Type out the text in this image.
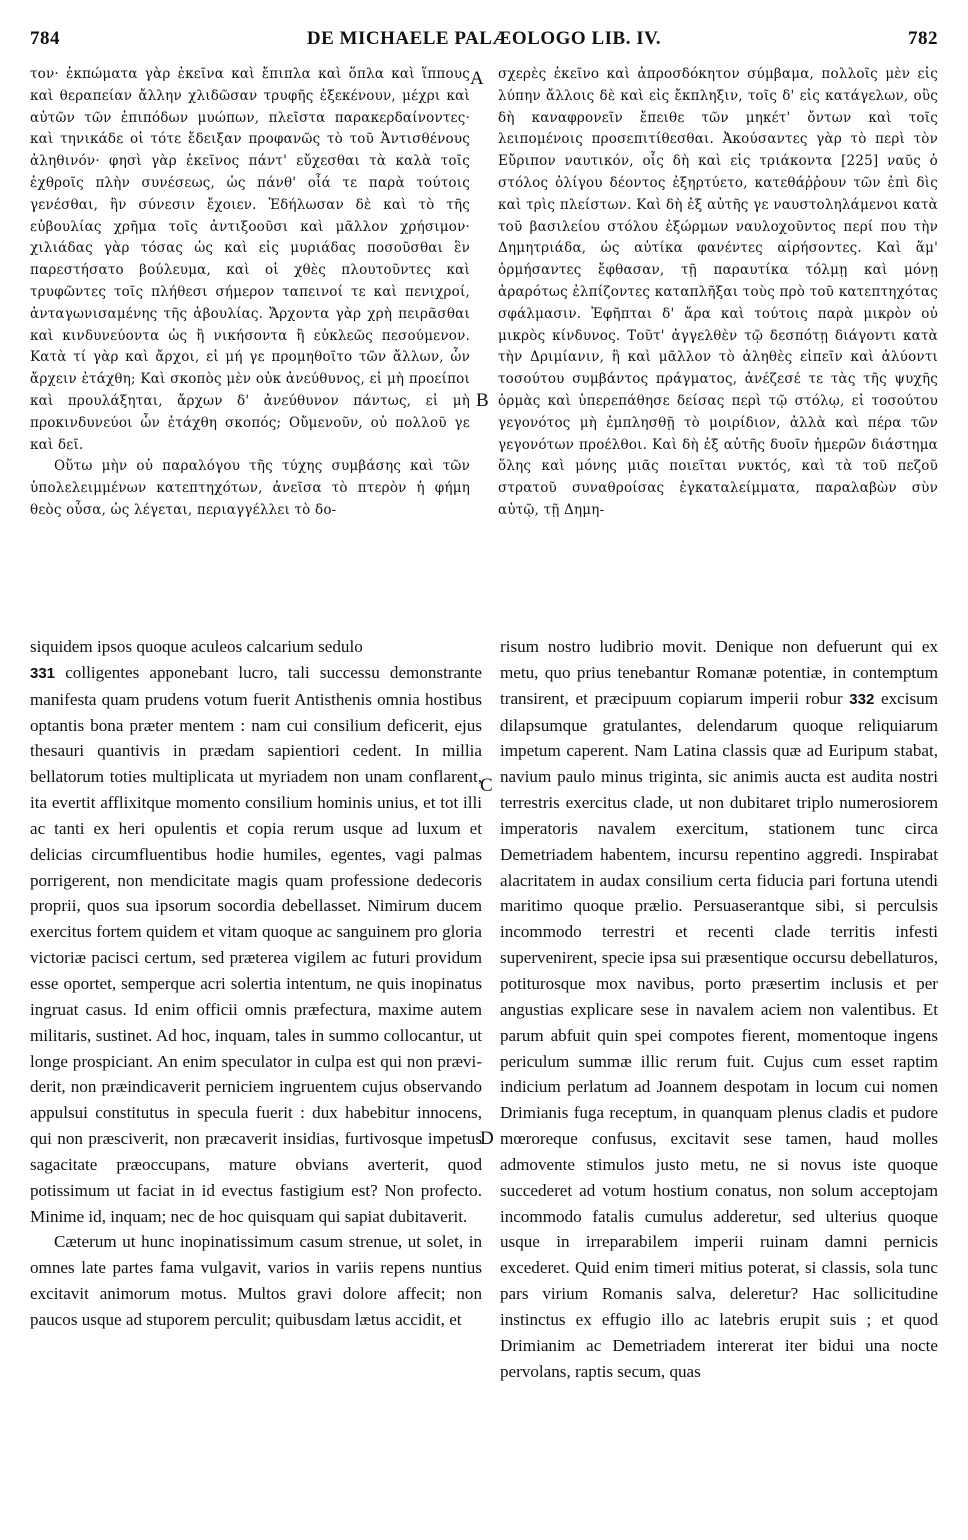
784	DE MICHAELE PALÆOLOGO LIB. IV.	782

τον· ἐκπώματα γὰρ ἐκεῖνα καὶ ἔπιπλα καὶ ὅπλα καὶ ἵππους καὶ θεραπείαν ἄλλην χλιδῶσαν τρυφῆς ἐξεκένουν, μέχρι καὶ αὐτῶν τῶν ἐπιπόδων μυώπων, πλεῖστα παρακερδαίνοντες· καὶ τηνικάδε οἱ τότε ἔδειξαν προφανῶς τὸ τοῦ Ἀντισθένους ἀληθινόν· φησὶ γὰρ ἐκεῖνος πάντ' εὔχεσθαι τὰ καλὰ τοῖς ἐχθροῖς πλὴν συνέσεως, ὡς πάνθ' οἷά τε παρὰ τούτοις γενέσθαι, ἣν σύνεσιν ἔχοιεν. Ἐδήλωσαν δὲ καὶ τὸ τῆς εὐβουλίας χρῆμα τοῖς ἀντιξοοῦσι καὶ μᾶλλον χρήσιμον· χιλιάδας γὰρ τόσας ὡς καὶ εἰς μυριάδας ποσοῦσθαι ἓν παρεστήσατο βούλευμα, καὶ οἱ χθὲς πλουτοῦντες καὶ τρυφῶντες τοῖς πλήθεσι σήμερον ταπεινοί τε καὶ πενιχροί, ἀνταγωνισαμένης τῆς ἀβουλίας. Ἄρχοντα γὰρ χρὴ πειρᾶσθαι καὶ κινδυνεύοντα ὡς ἢ νικήσοντα ἢ εὐκλεῶς πεσούμενον. Κατὰ τί γὰρ καὶ ἄρχοι, εἰ μή γε προμηθοῖτο τῶν ἄλλων, ὧν ἄρχειν ἐτάχθη; Καὶ σκοπὸς μὲν οὐκ ἀνεύθυνος, εἰ μὴ προείποι καὶ προυλάξηται, ἄρχων δ' ἀνεύθυνον πάντως, εἰ μὴ προκινδυνεύοι ὧν ἐτάχθη σκοπός; Οὔμενοῦν, οὐ πολλοῦ γε καὶ δεῖ.

Οὕτω μὴν οὐ παραλόγου τῆς τύχης συμβάσης καὶ τῶν ὑπολελειμμένων κατεπτηχότων, ἀνεῖσα τὸ πτερὸν ἡ φήμη θεὸς οὖσα, ὡς λέγεται, περιαγγέλλει τὸ δο-

σχερὲς ἐκεῖνο καὶ ἀπροσδόκητον σύμβαμα, πολλοῖς μὲν εἰς λύπην ἄλλοις δὲ καὶ εἰς ἔκπληξιν, τοῖς δ' εἰς κατάγελων, οὓς δὴ καναφρονεῖν ἔπειθε τῶν μηκέτ' ὄντων καὶ τοῖς λειπομένοις προσεπιτίθεσθαι. Ἀκούσαντες γὰρ τὸ περὶ τὸν Εὔριπον ναυτικόν, οἷς δὴ καὶ εἰς τριάκοντα [225] ναῦς ὁ στόλος ὀλίγου δέοντος ἐξηρτύετο, κατεθάῤῥουν τῶν ἐπὶ δὶς καὶ τρὶς πλείστων. Καὶ δὴ ἐξ αὐτῆς γε ναυστοληλάμενοι κατὰ τοῦ βασιλείου στόλου ἐξώρμων ναυλοχοῦντος περί που τὴν Δημητριάδα, ὡς αὐτίκα φανέντες αἱρήσοντες. Καὶ ἅμ' ὁρμήσαντες ἔφθασαν, τῇ παραυτίκα τόλμῃ καὶ μόνῃ ἀραρότως ἐλπίζοντες καταπλῆξαι τοὺς πρὸ τοῦ κατεπτηχότας σφάλμασιν. Ἐφῆπται δ' ἄρα καὶ τούτοις παρὰ μικρὸν οὐ μικρὸς κίνδυνος. Τοῦτ' ἀγγελθὲν τῷ δεσπότῃ διάγοντι κατὰ τὴν Δριμίανιν, ἢ καὶ μᾶλλον τὸ ἀληθὲς εἰπεῖν καὶ ἀλύοντι τοσούτου συμβάντος πράγματος, ἀνέζεσέ τε τὰς τῆς ψυχῆς ὁρμὰς καὶ ὑπερεπάθησε δείσας περὶ τῷ στόλῳ, εἰ τοσούτου γεγονότος μὴ ἐμπλησθῇ τὸ μοιρίδιον, ἀλλὰ καὶ πέρα τῶν γεγονότων προέλθοι. Καὶ δὴ ἐξ αὐτῆς δυοῖν ἡμερῶν διάστημα ὅλης καὶ μόνης μιᾶς ποιεῖται νυκτός, καὶ τὰ τοῦ πεζοῦ στρατοῦ συναθροίσας ἐγκαταλείμματα, παραλαβὼν σὺν αὐτῷ, τῇ Δημη-

A
B
C
D

siquidem ipsos quoque aculeos calcarium sedulo
331 colligentes apponebant lucro, tali successu demonstrante manifesta quam prudens votum fuerit Antisthenis omnia hostibus optantis bona præter mentem : nam cui consilium deficerit, ejus thesauri quantivis in prædam sapientiori cedent. In millia bellatorum toties multiplicata ut myriadem non unam conflarent, ita evertit afflixitque momento consilium hominis unius, et tot illi ac tanti ex heri opulentis et copia rerum usque ad luxum et delicias circumfluentibus hodie humiles, egentes, vagi palmas porrigerent, non mendicitate magis quam professione dedecoris proprii, quos sua ipsorum socordia debellasset. Nimirum ducem exercitus fortem quidem et vitam quoque ac sanguinem pro gloria victoriæ pacisci certum, sed præterea vigilem ac futuri providum esse oportet, semperque acri solertia intentum, ne quis inopinatus ingruat casus. Id enim officii omnis præfectura, maxime autem militaris, sustinet. Ad hoc, inquam, tales in summo collocantur, ut longe prospiciant. An enim speculator in culpa est qui non prævi-derit, non præindicaverit perniciem ingruentem cujus observando appulsui constitutus in specula fuerit : dux habebitur innocens, qui non præsciverit, non præcaverit insidias, furtivosque impetus sagacitate præoccupans, mature obvians averterit, quod potissimum ut faciat in id evectus fastigium est? Non profecto. Minime id, inquam; nec de hoc quisquam qui sapiat dubitaverit.

Cæterum ut hunc inopinatissimum casum strenue, ut solet, in omnes late partes fama vulgavit, varios in variis repens nuntius excitavit animorum motus. Multos gravi dolore affecit; non paucos usque ad stuporem perculit; quibusdam lætus accidit, et

risum nostro ludibrio movit. Denique non defuerunt qui ex metu, quo prius tenebantur Romanæ potentiæ, in contemptum transirent, et præcipuum copiarum imperii robur 332 excisum dilapsumque gratulantes, delendarum quoque reliquiarum impetum caperent. Nam Latina classis quæ ad Euripum stabat, navium paulo minus triginta, sic animis aucta est audita nostri terrestris exercitus clade, ut non dubitaret triplo numerosiorem imperatoris navalem exercitum, stationem tunc circa Demetriadem habentem, incursu repentino aggredi. Inspirabat alacritatem in audax consilium certa fiducia pari fortuna utendi maritimo quoque prælio. Persuaserantque sibi, si perculsis incommodo terrestri et recenti clade territis infesti supervenirent, specie ipsa sui præsentique occursu debellaturos, potiturosque mox navibus, porto præsertim inclusis et per angustias explicare sese in navalem aciem non valentibus. Et parum abfuit quin spei compotes fierent, momentoque ingens periculum summæ illic rerum fuit. Cujus cum esset raptim indicium perlatum ad Joannem despotam in locum cui nomen Drimianis fuga receptum, in quanquam plenus cladis et pudore mœroreque confusus, excitavit sese tamen, haud molles admovente stimulos justo metu, ne si novus iste quoque succederet ad votum hostium conatus, non solum acceptojam incommodo fatalis cumulus adderetur, sed ulterius quoque usque in irreparabilem imperii ruinam damni pernicis excederet. Quid enim timeri mitius poterat, si classis, sola tunc pars virium Romanis salva, deleretur? Hac sollicitudine instinctus ex effugio illo ac latebris erupit suis ; et quod Drimianim ac Demetriadem intererat iter bidui una nocte pervolans, raptis secum, quas
